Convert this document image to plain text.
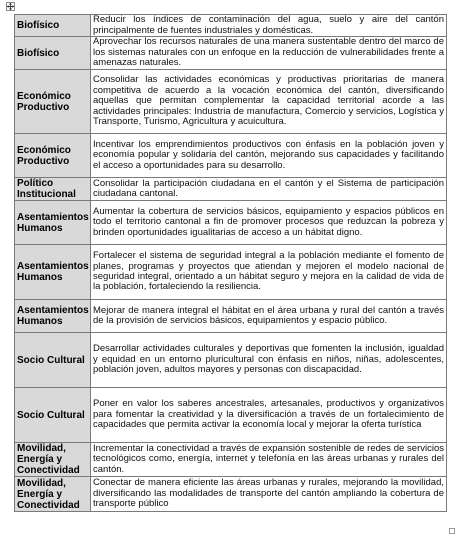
Biofísico	Reducir los índices de contaminación del agua, suelo y aire del cantón principalmente de fuentes industriales y domésticas.
Biofísico	Aprovechar los recursos naturales de una manera sustentable dentro del marco de los sistemas naturales con un enfoque en la reducción de vulnerabilidades frente a amenazas naturales.
Económico Productivo	Consolidar las actividades económicas y productivas prioritarias de manera competitiva de acuerdo a la vocación económica del cantón, diversificando aquellas que permitan complementar la capacidad territorial acorde a las actividades principales: Industria de manufactura, Comercio y servicios, Logística y Transporte, Turismo, Agricultura y acuicultura.
Económico Productivo	Incentivar los emprendimientos productivos con énfasis en la población joven y economía popular y solidaria del cantón, mejorando sus capacidades y facilitando el acceso a oportunidades para su desarrollo.
Político Institucional	Consolidar la participación ciudadana en el cantón y el Sistema de participación ciudadana cantonal.
Asentamientos Humanos	Aumentar la cobertura de servicios básicos, equipamiento y espacios públicos en todo el territorio cantonal a fin de promover procesos que reduzcan la pobreza y brinden oportunidades igualitarias de acceso a un hábitat digno.
Asentamientos Humanos	Fortalecer el sistema de seguridad integral a la población mediante el fomento de planes, programas y proyectos que atiendan y mejoren el modelo nacional de seguridad integral, orientado a un hábitat seguro y mejora en la calidad de vida de la población, fortaleciendo la resiliencia.
Asentamientos Humanos	Mejorar de manera integral el hábitat en el área urbana y rural del cantón a través de la provisión de servicios básicos, equipamientos y espacio público.
Socio Cultural	Desarrollar actividades culturales y deportivas que fomenten la inclusión, igualdad y equidad en un entorno pluricultural con énfasis en niños, niñas, adolescentes, población joven, adultos mayores y personas con discapacidad.
Socio Cultural	Poner en valor los saberes ancestrales, artesanales, productivos y organizativos para fomentar la creatividad y la diversificación a través de un fortalecimiento de capacidades que permita activar la economía local y mejorar la oferta turística
Movilidad, Energía y Conectividad	Incrementar la conectividad a través de expansión sostenible de redes de servicios tecnológicos como, energía, internet y telefonía en las áreas urbanas y rurales del cantón.
Movilidad, Energía y Conectividad	Conectar de manera eficiente las áreas urbanas y rurales, mejorando la movilidad, diversificando las modalidades de transporte del cantón ampliando la cobertura de transporte público
